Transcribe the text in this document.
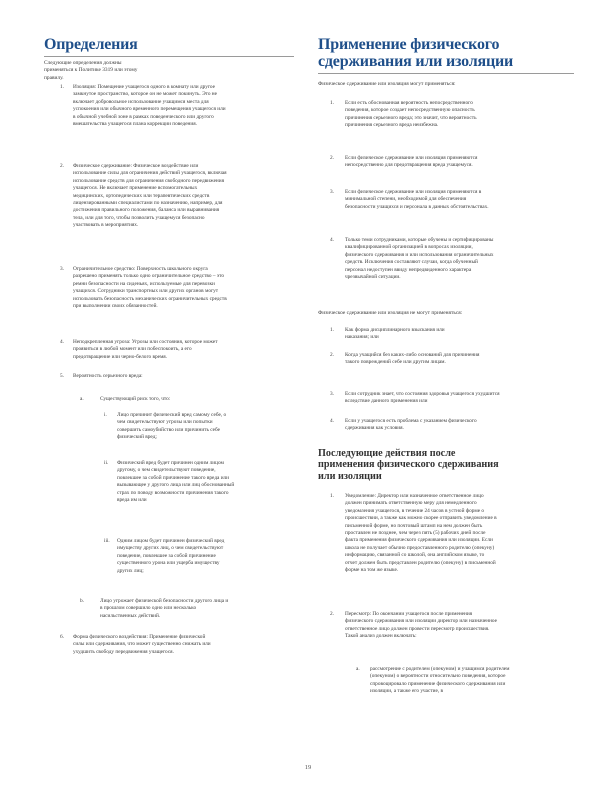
Определения

Следующие определения должны применяться к Политике 3319 или этому правилу.

1. Изоляция: Помещение учащегося одного в комнату или другое замкнутое пространство, которое он не может покинуть. Это не включает добровольное использование учащимся места для успокоения или обычного временного перемещения учащегося или в обычной учебной зоне в рамках поведенческого или другого вмешательства учащегося плана коррекции поведения.

2. Физическое сдерживание: Физическое воздействие или использование силы для ограничения действий учащегося, включая использование средств для ограничения свободного передвижения учащегося. Не включает применение вспомогательных медицинских, ортопедических или терапевтических средств лицензированными специалистами по назначению, например, для достижения правильного положения, баланса или выравнивания тела, или для того, чтобы позволить учащемуся безопасно участвовать в мероприятиях.

3. Ограничительное средство: Поверхность школьного округа разрешено применять только одно ограничительное средство – это ремни безопасности на сиденьях, используемые для перевозки учащихся. Сотрудники транспортных или других органов могут использовать безопасность механических ограничительных средств при выполнении своих обязанностей.

4. Неподкрепленная угроза: Угрозы или состояния, которое может проявиться в любой момент или побеспокоить, а его предотвращение или черно-белого время.

5. Вероятность серьезного вреда:

a.	Существующий риск того, что:

i. Лицо причинит физический вред самому себе, о чем свидетельствуют угрозы или попытки совершить самоубийство или причинить себе физический вред;

ii. Физический вред будет причинен одним лицом другому, о чем свидетельствуют поведение, повлекшее за собой причинение такого вреда или вызывающее у другого лица или лиц обоснованный страх по поводу возможности причинения такого вреда им или

iii. Одним лицом будет причинен физический вред имуществу других лиц, о чем свидетельствуют поведение, повлекшее за собой причинение существенного урона или ущерба имуществу других лиц;

b.	Лицо угрожает физической безопасности другого лица и в прошлом совершило одно или несколько насильственных действий.

6. Форма физического воздействия: Применение физической силы или сдерживания, что может существенно снижать или ухудшить свободу передвижения учащегося.

Применение физического
сдерживания или изоляции

Физическое сдерживание или изоляция могут применяться:

1. Если есть обоснованная вероятность непосредственного поведения, которое создает непосредственную опасность причинения серьезного вреда; это значит, что вероятность причинения серьезного вреда неизбежна.

2. Если физическое сдерживание или изоляция применяются непосредственно для предотвращения вреда учащемуся.

3. Если физическое сдерживание или изоляция применяются в минимальной степени, необходимой для обеспечения безопасности учащихся и персонала в данных обстоятельствах.

4. Только теми сотрудниками, которые обучены и сертифицированы квалифицированной организацией в вопросах изоляции, физического сдерживания и или использования ограничительных средств. Исключения составляют случаи, когда обученный персонал недоступен ввиду непредвиденного характера чрезвычайной ситуации.

Физическое сдерживание или изоляция не могут применяться:

1. Как форма дисциплинарного взыскания или наказания; или

2. Когда учащийся без каких-либо оснований для причинения такого повреждений себе или другим лицам.

3. Если сотрудник знает, что состояния здоровья учащегося ухудшится вследствие данного применения или

4. Если у учащегося есть проблема с указанием физического сдерживания как условия.

Последующие действия после
применения физического сдерживания
или изоляции
1. Уведомление: Директор или назначенное ответственное лицо должен принимать ответственную меру для немедленного уведомления учащегося, в течение 24 часов в устной форме о происшествии, а также как можно скорее отправить уведомление в письменной форме, но почтовый штамп на нем должен быть проставлен не позднее, чем через пять (5) рабочих дней после факта применения физического сдерживания или изоляции. Если школа не получает обычно предоставленного родителю (опекуну) информацию, связанной со школой, она английском языке, то отчет должен быть представлен родителю (опекуну) в письменной форме на том же языке.

2. Пересмотр: По окончании учащегося после применения физического сдерживания или изоляции директор или назначенное ответственное лицо должен провести пересмотр происшествия. Такой анализ должен включать:

a. рассмотрение с родителем (опекуном) и учащимся родителем (опекуном) о вероятности относительно поведения, которое спровоцировало применение физического сдерживания или изоляции, а также его участие, в

19
